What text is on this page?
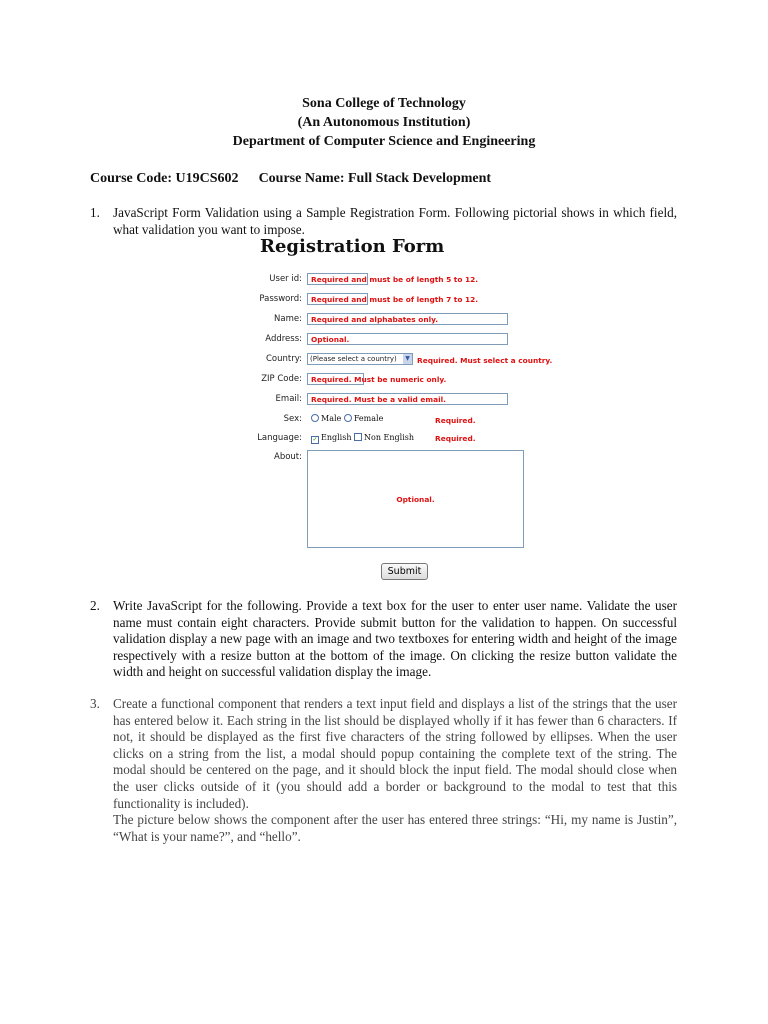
Sona College of Technology
(An Autonomous Institution)
Department of Computer Science and Engineering
Course Code: U19CS602 Course Name: Full Stack Development
1. JavaScript Form Validation using a Sample Registration Form. Following pictorial shows in which field, what validation you want to impose.
Registration Form
User id:	Required and must be of length 5 to 12.
Password:	Required and must be of length 7 to 12.
Name:	Required and alphabates only.
Address:	Optional.
Country:	(Please select a country)	▼ Required. Must select a country.
ZIP Code:	Required. Must be numeric only.
Email:	Required. Must be a valid email.
Sex:	Male Female	Required.
Language: ✓ English Non English	Required.
About:
Optional.
Submit
2. Write JavaScript for the following. Provide a text box for the user to enter user name. Validate the user name must contain eight characters. Provide submit button for the validation to happen. On successful validation display a new page with an image and two textboxes for entering width and height of the image respectively with a resize button at the bottom of the image. On clicking the resize button validate the width and height on successful validation display the image.
3. Create a functional component that renders a text input field and displays a list of the strings that the user has entered below it. Each string in the list should be displayed wholly if it has fewer than 6 characters. If not, it should be displayed as the first five characters of the string followed by ellipses. When the user clicks on a string from the list, a modal should popup containing the complete text of the string. The modal should be centered on the page, and it should block the input field. The modal should close when the user clicks outside of it (you should add a border or background to the modal to test that this functionality is included).
The picture below shows the component after the user has entered three strings: “Hi, my name is Justin”, “What is your name?”, and “hello”.
